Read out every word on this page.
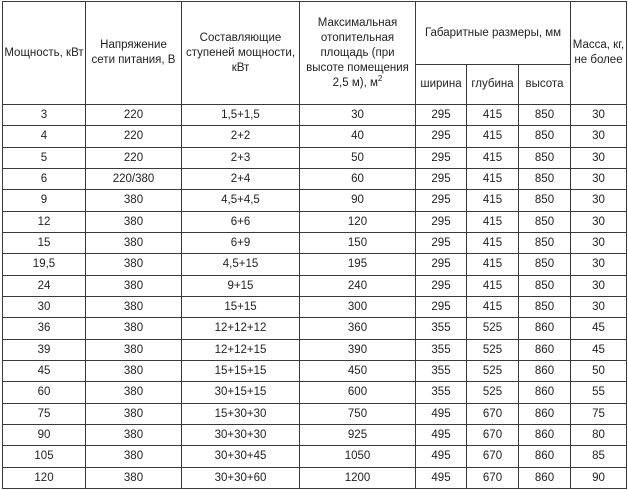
Мощность, кВт	Напряжение сети питания, В	Составляющие ступеней мощности, кВт	Максимальная отопительная площадь (при высоте помещения 2,5 м), $м^2$	Габаритные размеры, мм			Масса, кг, не более
				ширина	глубина	высота	
3	220	1,5+1,5	30	295	415	850	30
4	220	2+2	40	295	415	850	30
5	220	2+3	50	295	415	850	30
6	220/380	2+4	60	295	415	850	30
9	380	4,5+4,5	90	295	415	850	30
12	380	6+6	120	295	415	850	30
15	380	6+9	150	295	415	850	30
19,5	380	4,5+15	195	295	415	850	30
24	380	9+15	240	295	415	850	30
30	380	15+15	300	295	415	850	30
36	380	12+12+12	360	355	525	860	45
39	380	12+12+15	390	355	525	860	45
45	380	15+15+15	450	355	525	860	50
60	380	30+15+15	600	355	525	860	55
75	380	15+30+30	750	495	670	860	75
90	380	30+30+30	925	495	670	860	80
105	380	30+30+45	1050	495	670	860	85
120	380	30+30+60	1200	495	670	860	90
